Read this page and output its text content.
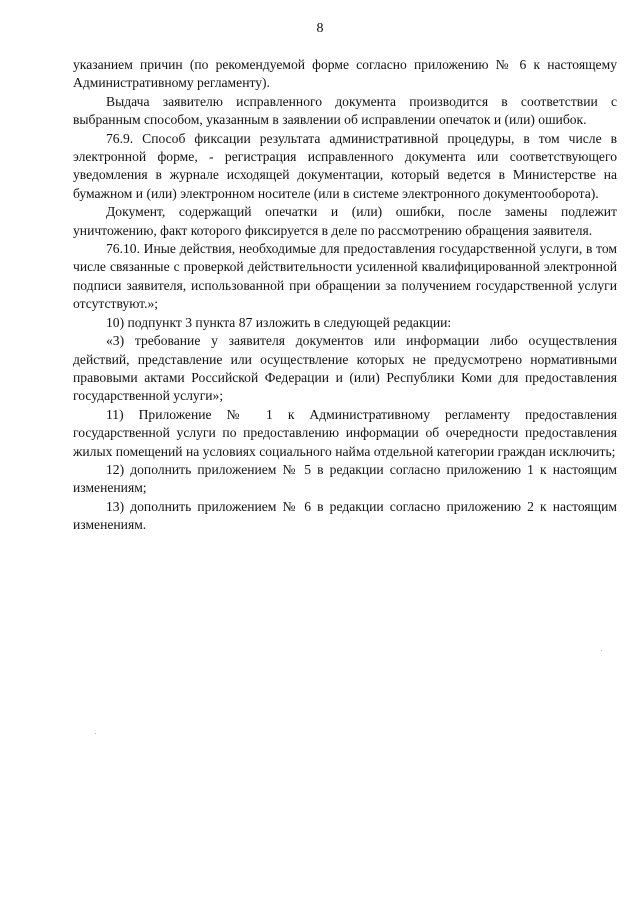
8

указанием причин (по рекомендуемой форме согласно приложению № 6 к настоящему Административному регламенту).

Выдача заявителю исправленного документа производится в соответствии с выбранным способом, указанным в заявлении об исправлении опечаток и (или) ошибок.

76.9. Способ фиксации результата административной процедуры, в том числе в электронной форме, - регистрация исправленного документа или соответствующего уведомления в журнале исходящей документации, который ведется в Министерстве на бумажном и (или) электронном носителе (или в системе электронного документооборота).

Документ, содержащий опечатки и (или) ошибки, после замены подлежит уничтожению, факт которого фиксируется в деле по рассмотрению обращения заявителя.

76.10. Иные действия, необходимые для предоставления государственной услуги, в том числе связанные с проверкой действительности усиленной квалифицированной электронной подписи заявителя, использованной при обращении за получением государственной услуги отсутствуют.»;

10) подпункт 3 пункта 87 изложить в следующей редакции:

«3) требование у заявителя документов или информации либо осуществления действий, представление или осуществление которых не предусмотрено нормативными правовыми актами Российской Федерации и (или) Республики Коми для предоставления государственной услуги»;

11) Приложение № 1 к Административному регламенту предоставления государственной услуги по предоставлению информации об очередности предоставления жилых помещений на условиях социального найма отдельной категории граждан исключить;

12) дополнить приложением № 5 в редакции согласно приложению 1 к настоящим изменениям;

13) дополнить приложением № 6 в редакции согласно приложению 2 к настоящим изменениям.
